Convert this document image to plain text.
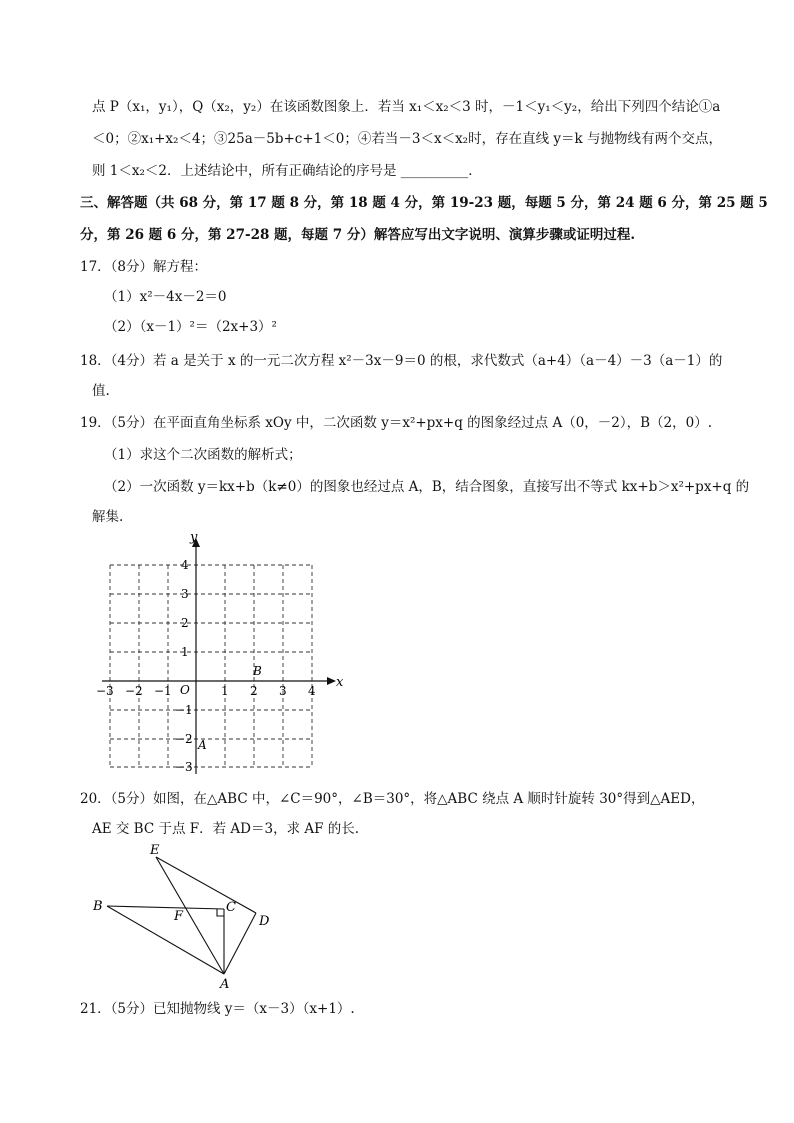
点 P（x₁，y₁），Q（x₂，y₂）在该函数图象上．若当 x₁＜x₂＜3 时，－1＜y₁＜y₂，给出下列四个结论①a
＜0；②x₁+x₂＜4；③25a－5b+c+1＜0；④若当－3＜x＜x₂时，存在直线 y＝k 与抛物线有两个交点，
则 1＜x₂＜2．上述结论中，所有正确结论的序号是 __________．
三、解答题（共 68 分，第 17 题 8 分，第 18 题 4 分，第 19-23 题，每题 5 分，第 24 题 6 分，第 25 题 5
分，第 26 题 6 分，第 27-28 题，每题 7 分）解答应写出文字说明、演算步骤或证明过程.
17．（8分）解方程：
（1）x²－4x－2＝0
（2）（x－1）²＝（2x+3）²
18．（4分）若 a 是关于 x 的一元二次方程 x²－3x－9＝0 的根，求代数式（a+4）（a－4）－3（a－1）的
值.
19．（5分）在平面直角坐标系 xOy 中，二次函数 y＝x²+px+q 的图象经过点 A（0，－2），B（2，0）.
（1）求这个二次函数的解析式；
（2）一次函数 y＝kx+b（k≠0）的图象也经过点 A，B，结合图象，直接写出不等式 kx+b＞x²+px+q 的
解集.
x
y
O
−3 −2 −1	1 2 3 4
4
3
2
1
−1
−2
−3
A
B
20．（5分）如图，在△ABC 中，∠C＝90°，∠B＝30°，将△ABC 绕点 A 顺时针旋转 30°得到△AED，
AE 交 BC 于点 F．若 AD＝3，求 AF 的长.
E
B
F
C
D
A
21．（5分）已知抛物线 y＝（x－3）（x+1）.
